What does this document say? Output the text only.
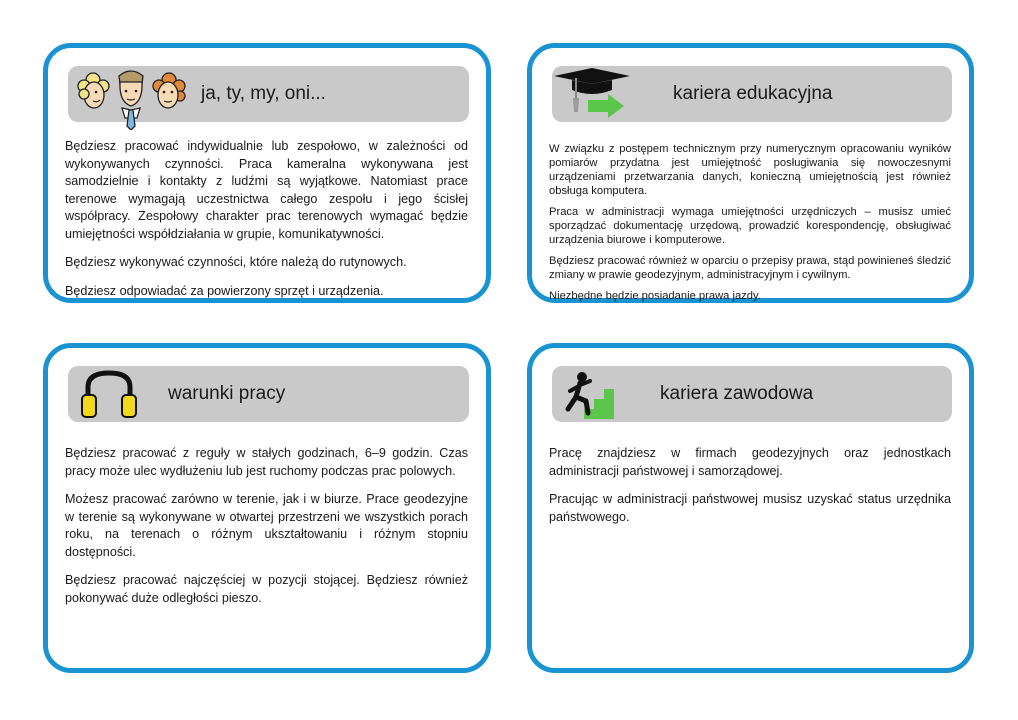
ja, ty, my, oni...

Będziesz pracować indywidualnie lub zespołowo, w zależności od wykonywanych czynności. Praca kameralna wykonywana jest samodzielnie i kontakty z ludźmi są wyjątkowe. Natomiast prace terenowe wymagają uczestnictwa całego zespołu i jego ścisłej współpracy. Zespołowy charakter prac terenowych wymagać będzie umiejętności współdziałania w grupie, komunikatywności.

Będziesz wykonywać czynności, które należą do rutynowych.

Będziesz odpowiadać za powierzony sprzęt i urządzenia.

kariera edukacyjna

W związku z postępem technicznym przy numerycznym opracowaniu wyników pomiarów przydatna jest umiejętność posługiwania się nowoczesnymi urządzeniami przetwarzania danych, konieczną umiejętnością jest również obsługa komputera.

Praca w administracji wymaga umiejętności urzędniczych – musisz umieć sporządzać dokumentację urzędową, prowadzić korespondencję, obsługiwać urządzenia biurowe i komputerowe.

Będziesz pracować również w oparciu o przepisy prawa, stąd powinieneś śledzić zmiany w prawie geodezyjnym, administracyjnym i cywilnym.

Niezbędne będzie posiadanie prawa jazdy.

warunki pracy

Będziesz pracować z reguły w stałych godzinach, 6–9 godzin. Czas pracy może ulec wydłużeniu lub jest ruchomy podczas prac polowych.

Możesz pracować zarówno w terenie, jak i w biurze. Prace geodezyjne w terenie są wykonywane w otwartej przestrzeni we wszystkich porach roku, na terenach o różnym ukształtowaniu i różnym stopniu dostępności.

Będziesz pracować najczęściej w pozycji stojącej. Będziesz również pokonywać duże odległości pieszo.

kariera zawodowa

Pracę znajdziesz w firmach geodezyjnych oraz jednostkach administracji państwowej i samorządowej.

Pracując w administracji państwowej musisz uzyskać status urzędnika państwowego.
